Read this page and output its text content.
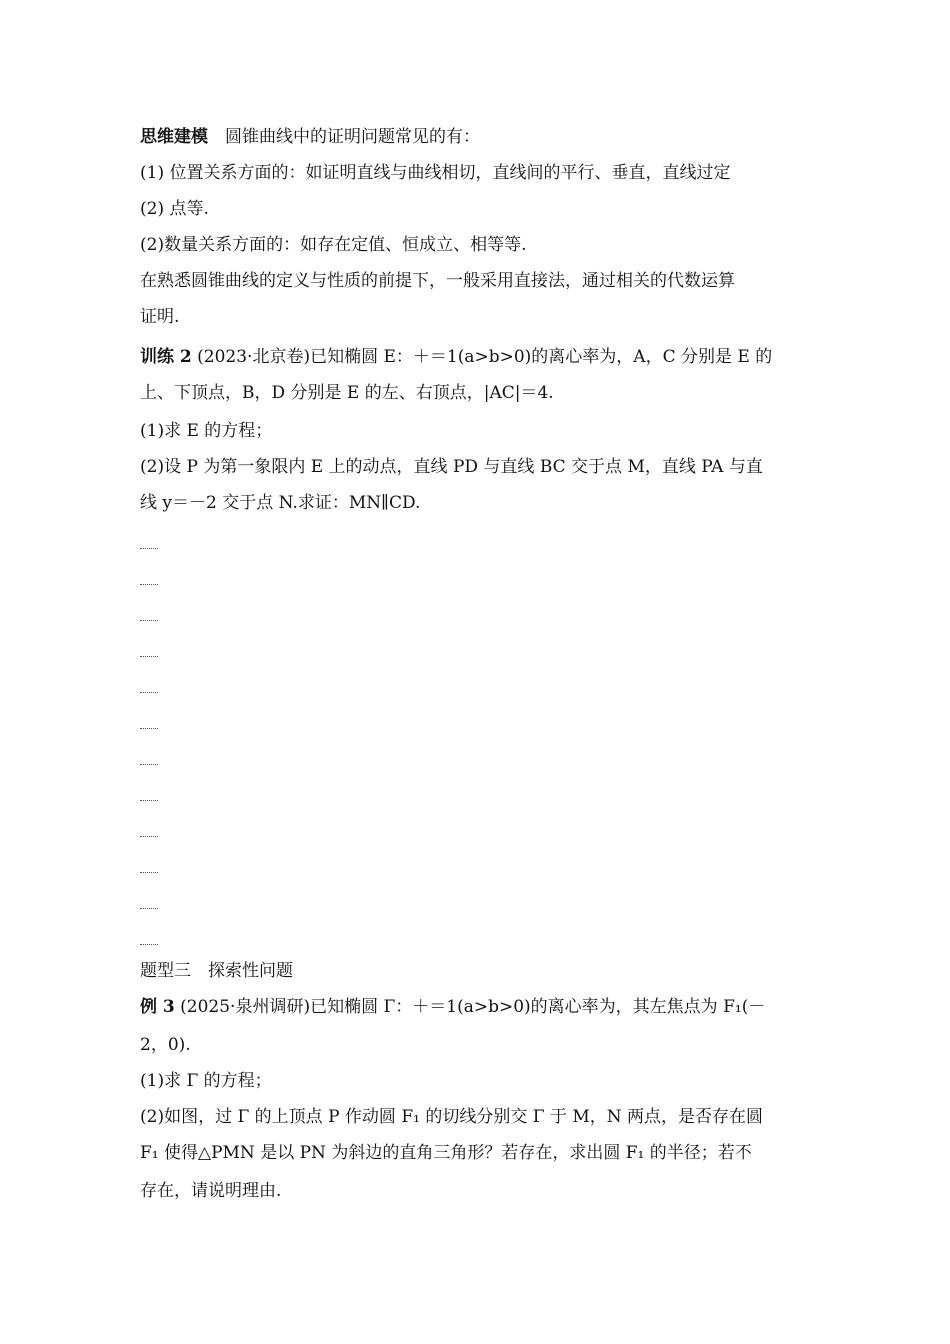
思维建模　圆锥曲线中的证明问题常见的有：
(1) 位置关系方面的：如证明直线与曲线相切，直线间的平行、垂直，直线过定
(2) 点等.
(2)数量关系方面的：如存在定值、恒成立、相等等.
在熟悉圆锥曲线的定义与性质的前提下，一般采用直接法，通过相关的代数运算
证明.
训练 2 (2023·北京卷)已知椭圆 E：＋＝1(a>b>0)的离心率为，A，C 分别是 E 的
上、下顶点，B，D 分别是 E 的左、右顶点，|AC|＝4.
(1)求 E 的方程；
(2)设 P 为第一象限内 E 上的动点，直线 PD 与直线 BC 交于点 M，直线 PA 与直
线 y＝－2 交于点 N.求证：MN∥CD.
题型三　探索性问题
例 3 (2025·泉州调研)已知椭圆 Γ：＋＝1(a>b>0)的离心率为，其左焦点为 F₁(－
2，0).
(1)求 Γ 的方程；
(2)如图，过 Γ 的上顶点 P 作动圆 F₁ 的切线分别交 Γ 于 M，N 两点，是否存在圆
F₁ 使得△PMN 是以 PN 为斜边的直角三角形？若存在，求出圆 F₁ 的半径；若不
存在，请说明理由.
